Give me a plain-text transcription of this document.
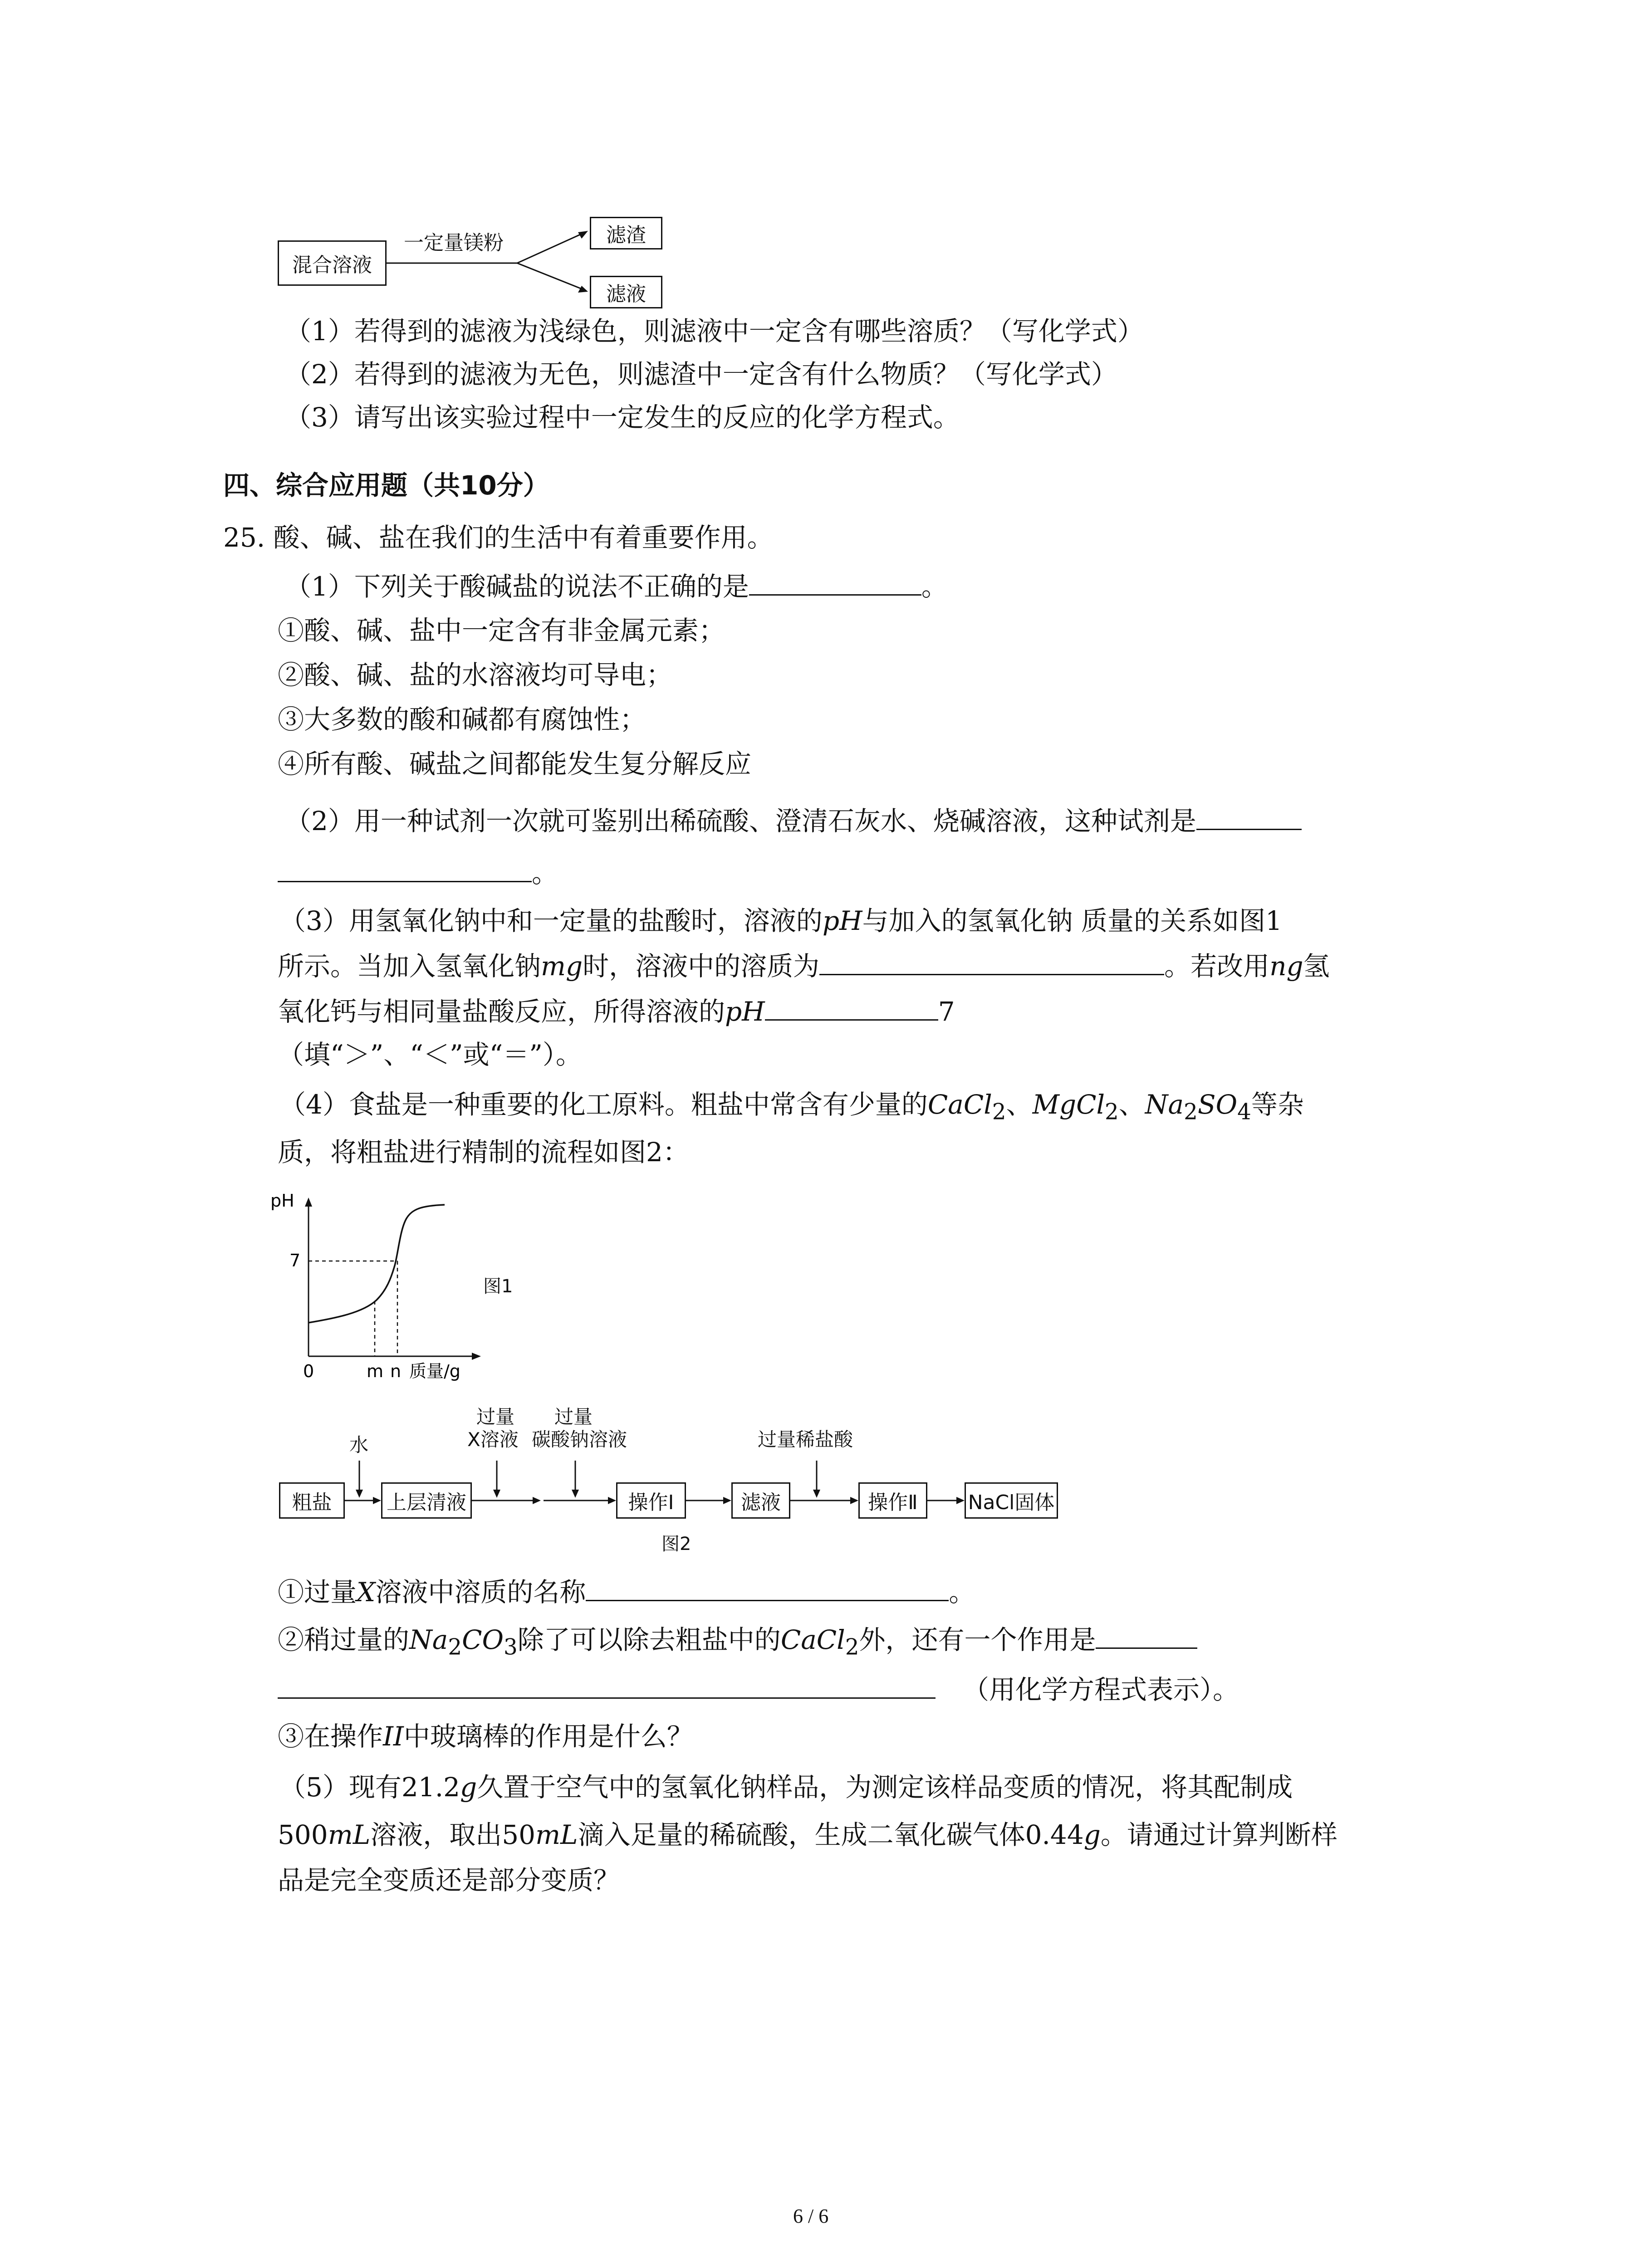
混合溶液
一定量镁粉	滤渣
滤液
（1）若得到的滤液为浅绿色，则滤液中一定含有哪些溶质？（写化学式）
（2）若得到的滤液为无色，则滤渣中一定含有什么物质？（写化学式）
（3）请写出该实验过程中一定发生的反应的化学方程式。
四、综合应用题（共10分）
25. 酸、碱、盐在我们的生活中有着重要作用。
（1）下列关于酸碱盐的说法不正确的是	。
①酸、碱、盐中一定含有非金属元素；
②酸、碱、盐的水溶液均可导电；
③大多数的酸和碱都有腐蚀性；
④所有酸、碱盐之间都能发生复分解反应
（2）用一种试剂一次就可鉴别出稀硫酸、澄清石灰水、烧碱溶液，这种试剂是
。
（3）用氢氧化钠中和一定量的盐酸时，溶液的pH与加入的氢氧化钠 质量的关系如图1
所示。当加入氢氧化钠mg时，溶液中的溶质为	。若改用ng氢
氧化钙与相同量盐酸反应，所得溶液的pH	7
（填“＞”、“＜”或“＝”）。
（4）食盐是一种重要的化工原料。粗盐中常含有少量的CaCl$_2$、MgCl$_2$、$Na_2SO_4$等杂
质，将粗盐进行精制的流程如图2：
pH
7
0	m n 质量/g
图1
粗盐	上层清液	操作Ⅰ	滤液	操作Ⅱ	NaCl固体
水
过量
X溶液
过量
碳酸钠溶液	过量稀盐酸
图2
①过量X溶液中溶质的名称	。
②稍过量的$Na_2CO_3$除了可以除去粗盐中的CaCl$_2$外，还有一个作用是
（用化学方程式表示）。
③在操作II中玻璃棒的作用是什么？
（5）现有21.2g久置于空气中的氢氧化钠样品，为测定该样品变质的情况，将其配制成
500mL溶液，取出50mL滴入足量的稀硫酸，生成二氧化碳气体0.44g。请通过计算判断样
品是完全变质还是部分变质？
6 / 6
